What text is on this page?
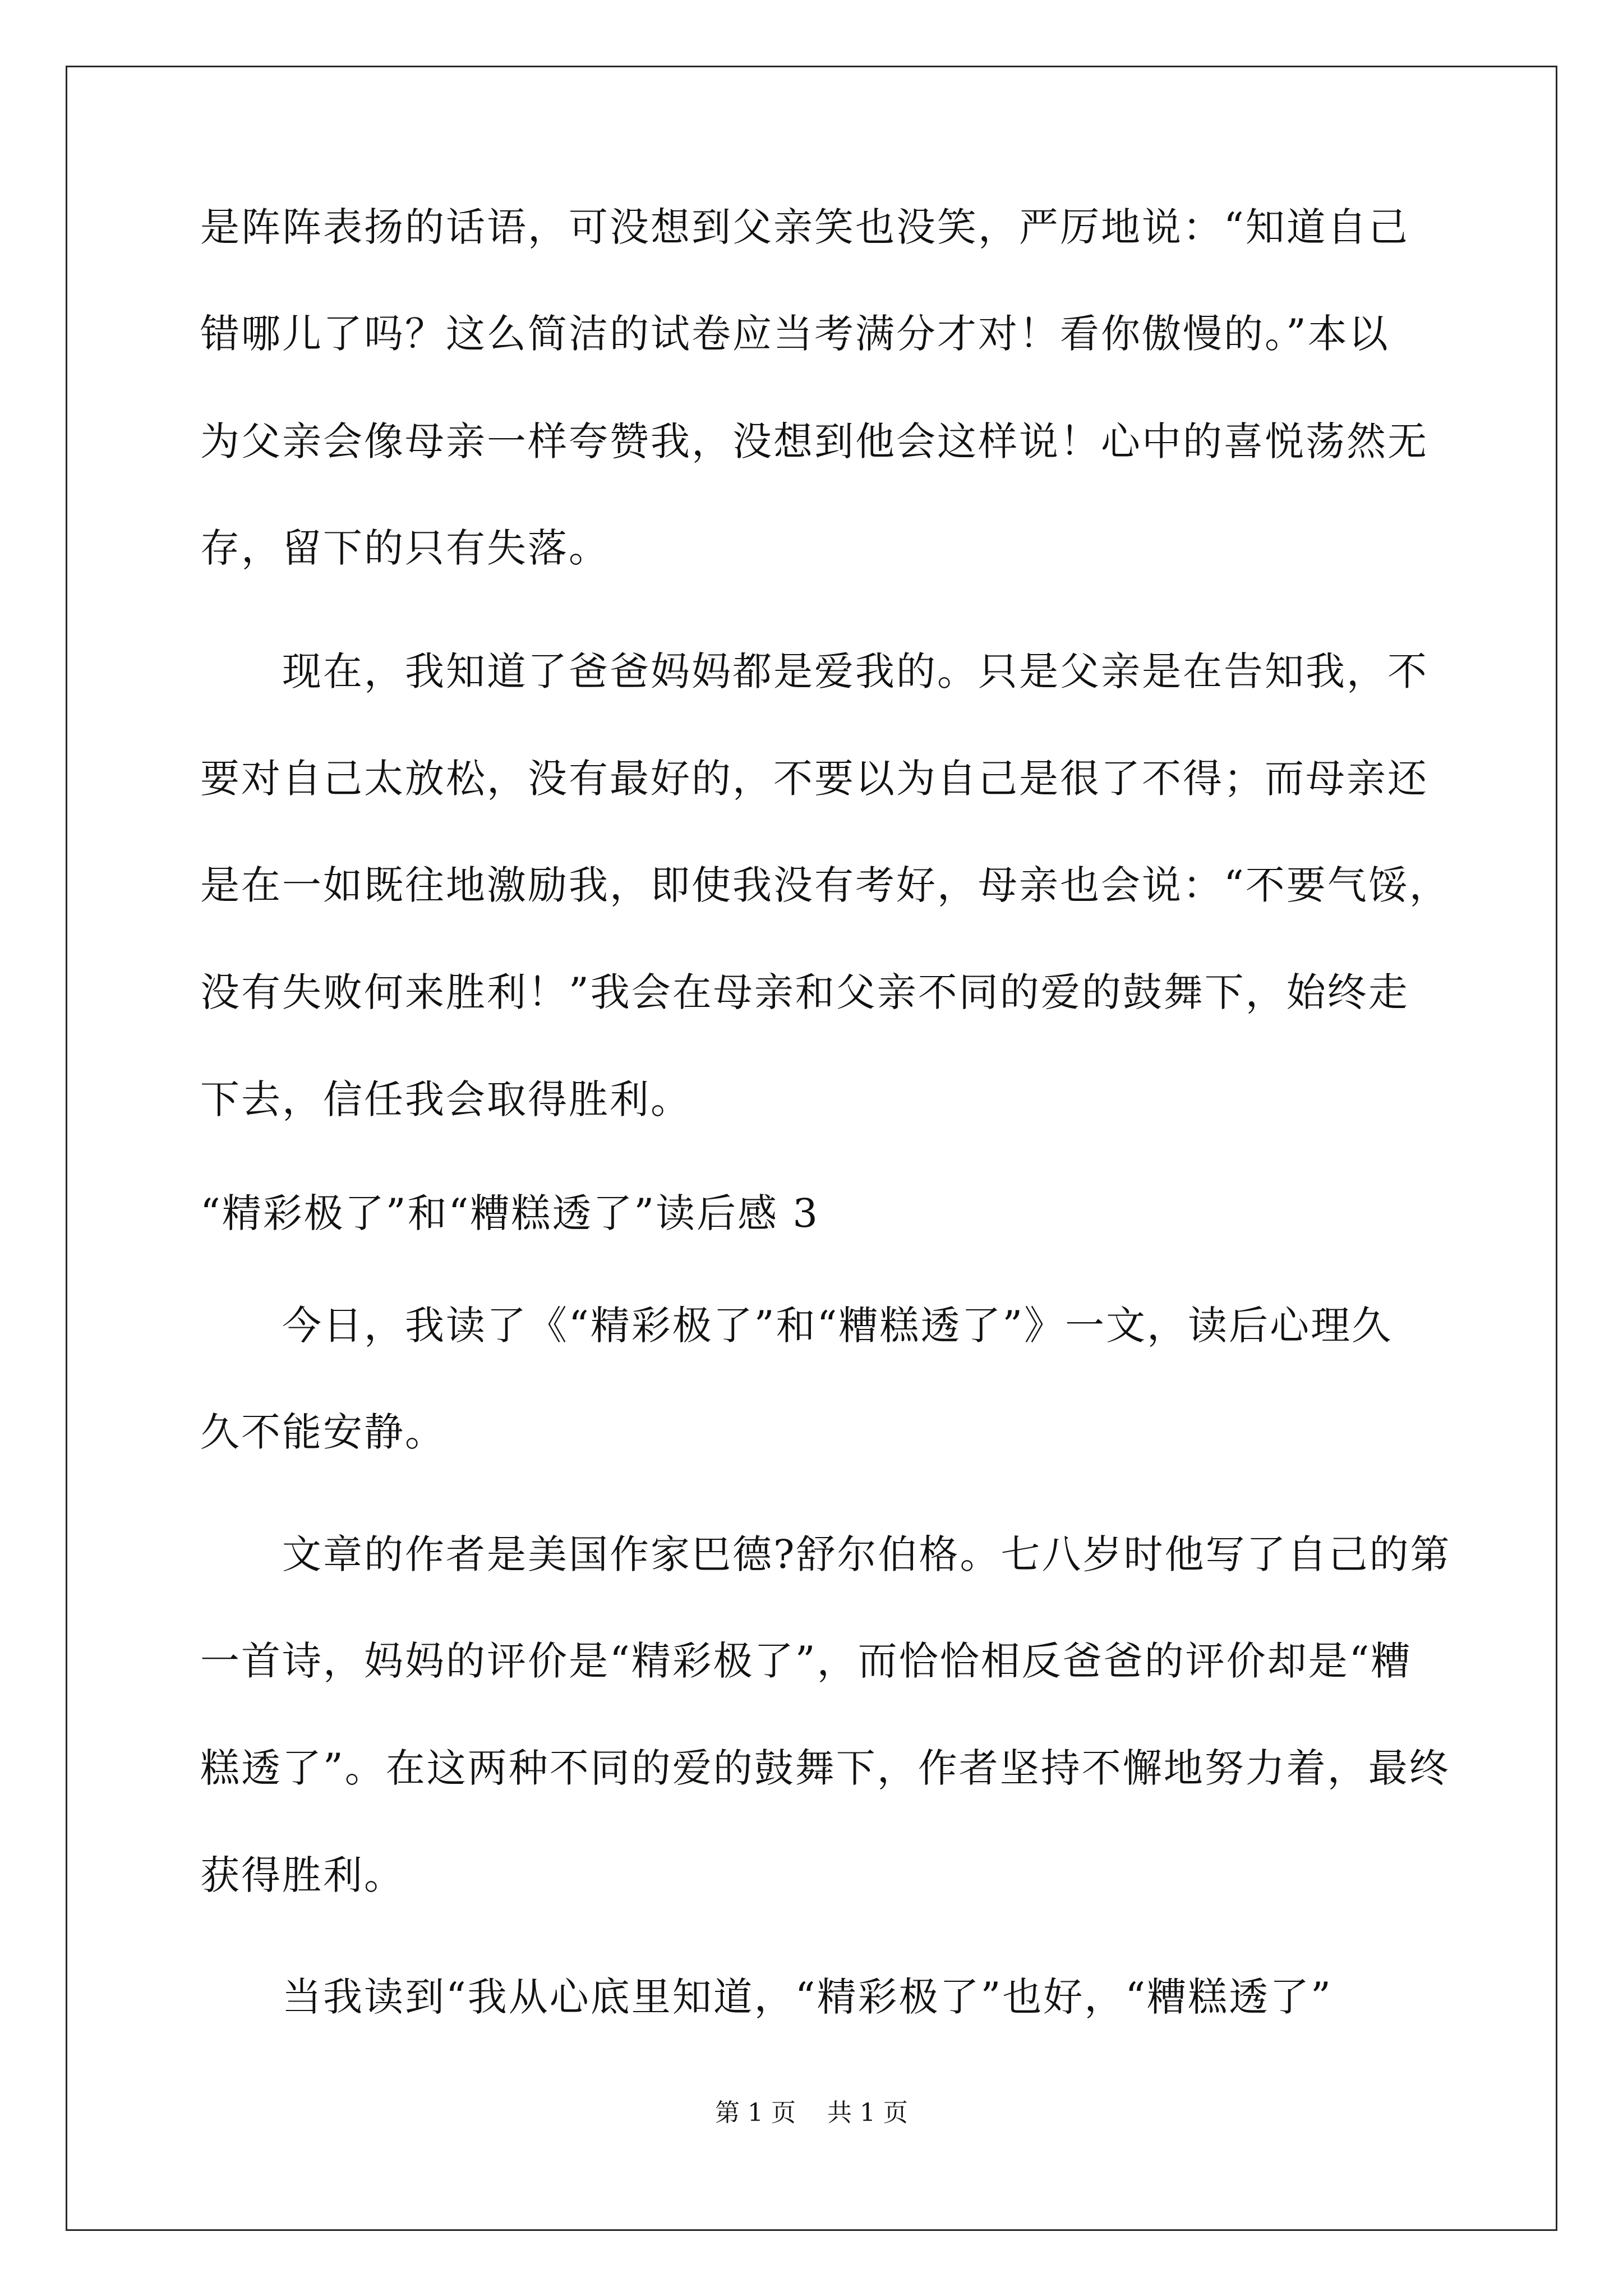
是阵阵表扬的话语，可没想到父亲笑也没笑，严厉地说：“知道自己

错哪儿了吗？这么简洁的试卷应当考满分才对！看你傲慢的。”本以

为父亲会像母亲一样夸赞我，没想到他会这样说！心中的喜悦荡然无

存，留下的只有失落。

　　现在，我知道了爸爸妈妈都是爱我的。只是父亲是在告知我，不

要对自己太放松，没有最好的，不要以为自己是很了不得；而母亲还

是在一如既往地激励我，即使我没有考好，母亲也会说：“不要气馁，

没有失败何来胜利！”我会在母亲和父亲不同的爱的鼓舞下，始终走

下去，信任我会取得胜利。

“精彩极了”和“糟糕透了”读后感 3

　　今日，我读了《“精彩极了”和“糟糕透了”》一文，读后心理久

久不能安静。

　　文章的作者是美国作家巴德?舒尔伯格。七八岁时他写了自己的第

一首诗，妈妈的评价是“精彩极了”，而恰恰相反爸爸的评价却是“糟

糕透了”。在这两种不同的爱的鼓舞下，作者坚持不懈地努力着，最终

获得胜利。

　　当我读到“我从心底里知道，“精彩极了”也好，“糟糕透了”

第 1 页    共 1 页
